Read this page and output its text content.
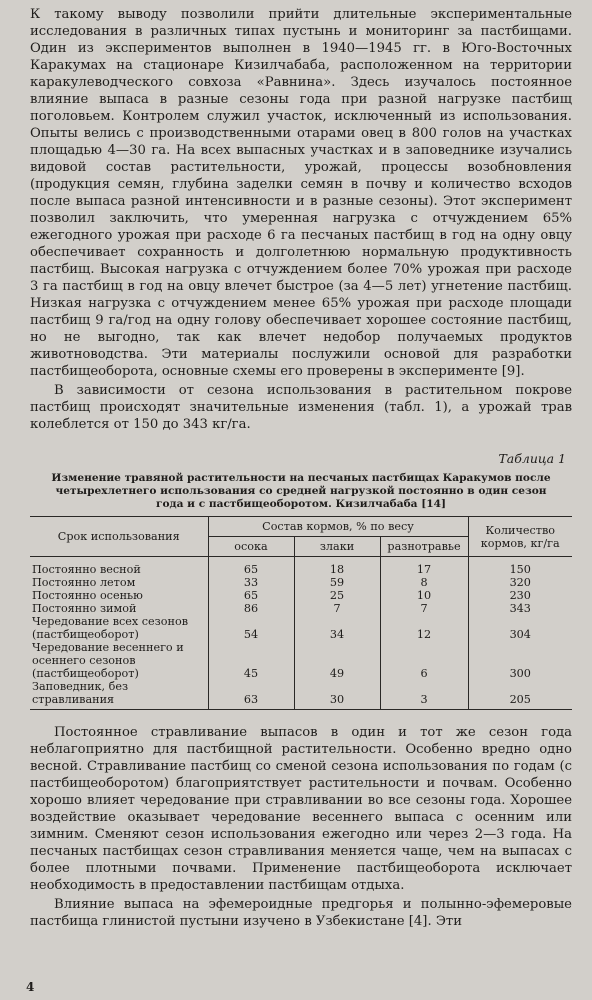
К такому выводу позволили прийти длительные экспериментальные исследования в различных типах пустынь и мониторинг за пастбищами. Один из экспериментов выполнен в 1940—1945 гг. в Юго-Восточных Каракумах на стационаре Кизилчабаба, расположенном на территории каракулеводческого совхоза «Равнина». Здесь изучалось постоянное влияние выпаса в разные сезоны года при разной нагрузке пастбищ поголовьем. Контролем служил участок, исключенный из использования. Опыты велись с производственными отарами овец в 800 голов на участках площадью 4—30 га. На всех выпасных участках и в заповеднике изучались видовой состав растительности, урожай, процессы возобновления (продукция семян, глубина заделки семян в почву и количество всходов после выпаса разной интенсивности и в разные сезоны). Этот эксперимент позволил заключить, что умеренная нагрузка с отчуждением 65% ежегодного урожая при расходе 6 га песчаных пастбищ в год на одну овцу обеспечивает сохранность и долголетнюю нормальную продуктивность пастбищ. Высокая нагрузка с отчуждением более 70% урожая при расходе 3 га пастбищ в год на овцу влечет быстрое (за 4—5 лет) угнетение пастбищ. Низкая нагрузка с отчуждением менее 65% урожая при расходе площади пастбищ 9 га/год на одну голову обеспечивает хорошее состояние пастбищ, но не выгодно, так как влечет недобор получаемых продуктов животноводства. Эти материалы послужили основой для разработки пастбищеоборота, основные схемы его проверены в эксперименте [9].

В зависимости от сезона использования в растительном покрове пастбищ происходят значительные изменения (табл. 1), а урожай трав колеблется от 150 до 343 кг/га.

Таблица 1
Изменение травяной растительности на песчаных пастбищах Каракумов после четырехлетнего использования со средней нагрузкой постоянно в один сезон года и с пастбищеоборотом. Кизилчабаба [14]
Срок использования	Состав кормов, % по весу			Количество кормов, кг/га
	осока	злаки	разнотравье	
Постоянно весной	65	18	17	150
Постоянно летом	33	59	8	320
Постоянно осенью	65	25	10	230
Постоянно зимой	86	7	7	343
Чередование всех сезонов (пастбищеоборот)	54	34	12	304
Чередование весеннего и осеннего сезонов (пастбищеоборот)	45	49	6	300
Заповедник, без стравливания	63	30	3	205

Постоянное стравливание выпасов в один и тот же сезон года неблагоприятно для пастбищной растительности. Особенно вредно одно весной. Стравливание пастбищ со сменой сезона использования по годам (с пастбищеоборотом) благоприятствует растительности и почвам. Особенно хорошо влияет чередование при стравливании во все сезоны года. Хорошее воздействие оказывает чередование весеннего выпаса с осенним или зимним. Сменяют сезон использования ежегодно или через 2—3 года. На песчаных пастбищах сезон стравливания меняется чаще, чем на выпасах с более плотными почвами. Применение пастбищеоборота исключает необходимость в предоставлении пастбищам отдыха.

Влияние выпаса на эфемероидные предгорья и полынно-эфемеровые пастбища глинистой пустыни изучено в Узбекистане [4]. Эти

4
